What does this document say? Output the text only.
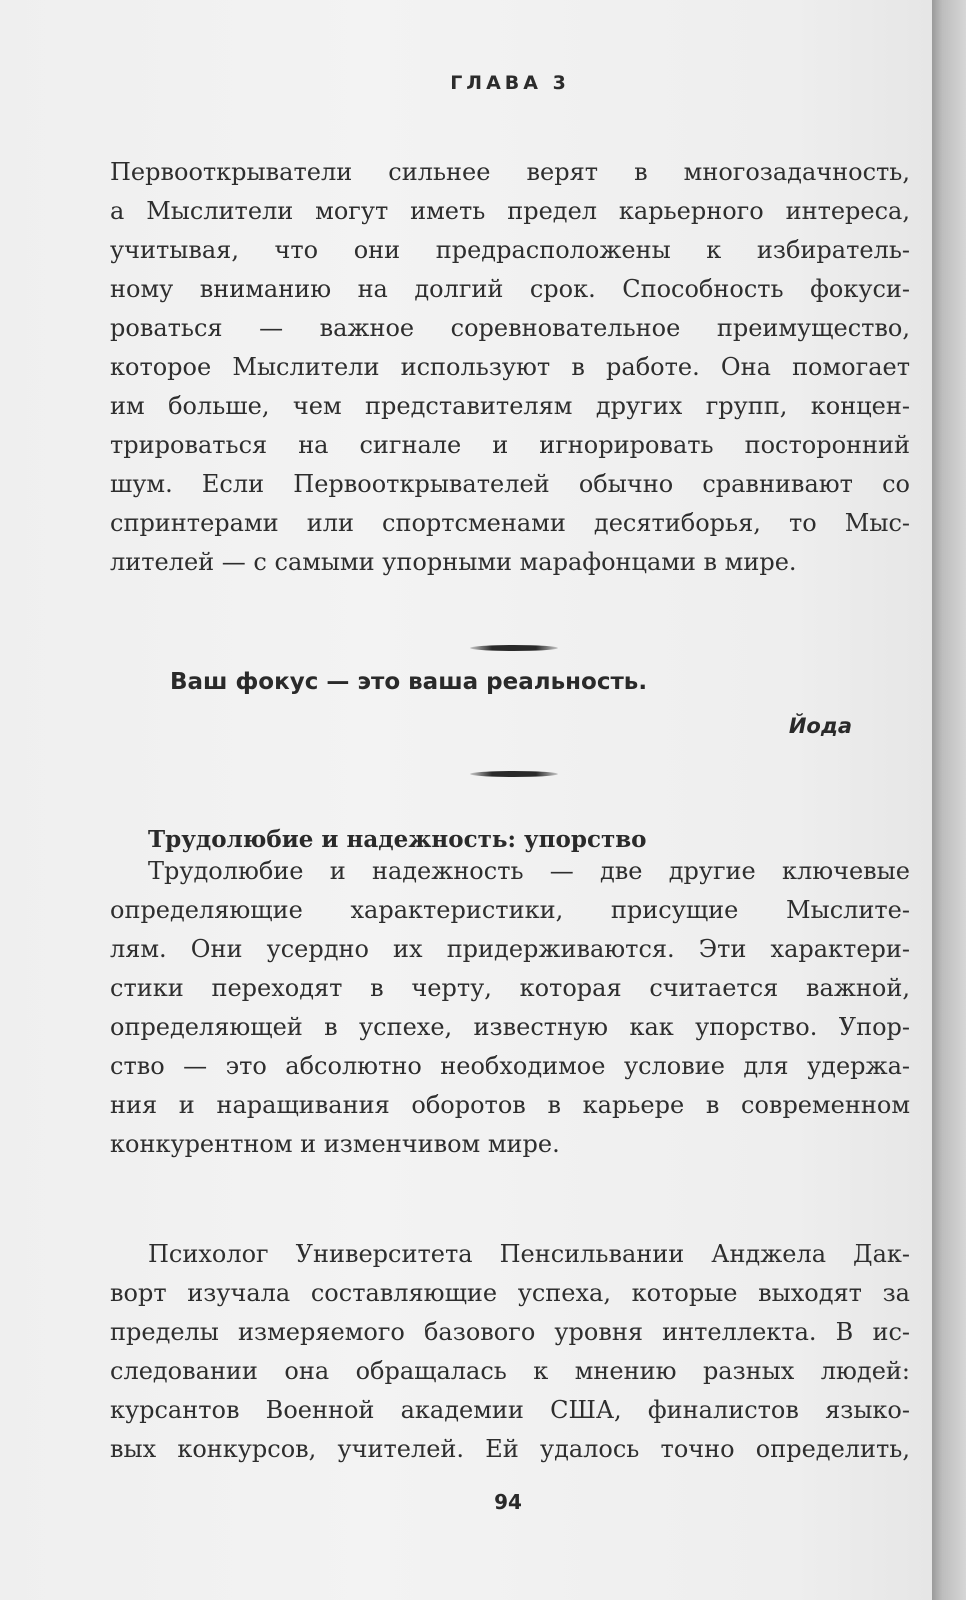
ГЛАВА 3
Первооткрыватели сильнее верят в многозадачность,
а Мыслители могут иметь предел карьерного интереса,
учитывая, что они предрасположены к избиратель-
ному вниманию на долгий срок. Способность фокуси-
роваться — важное соревновательное преимущество,
которое Мыслители используют в работе. Она помогает
им больше, чем представителям других групп, концен-
трироваться на сигнале и игнорировать посторонний
шум. Если Первооткрывателей обычно сравнивают со
спринтерами или спортсменами десятиборья, то Мыс-
лителей — с самыми упорными марафонцами в мире.
Ваш фокус — это ваша реальность.
Йода
Трудолюбие и надежность: упорство
Трудолюбие и надежность — две другие ключевые
определяющие характеристики, присущие Мыслите-
лям. Они усердно их придерживаются. Эти характери-
стики переходят в черту, которая считается важной,
определяющей в успехе, известную как упорство. Упор-
ство — это абсолютно необходимое условие для удержа-
ния и наращивания оборотов в карьере в современном
конкурентном и изменчивом мире.
Психолог Университета Пенсильвании Анджела Дак-
ворт изучала составляющие успеха, которые выходят за
пределы измеряемого базового уровня интеллекта. В ис-
следовании она обращалась к мнению разных людей:
курсантов Военной академии США, финалистов языко-
вых конкурсов, учителей. Ей удалось точно определить,
94
